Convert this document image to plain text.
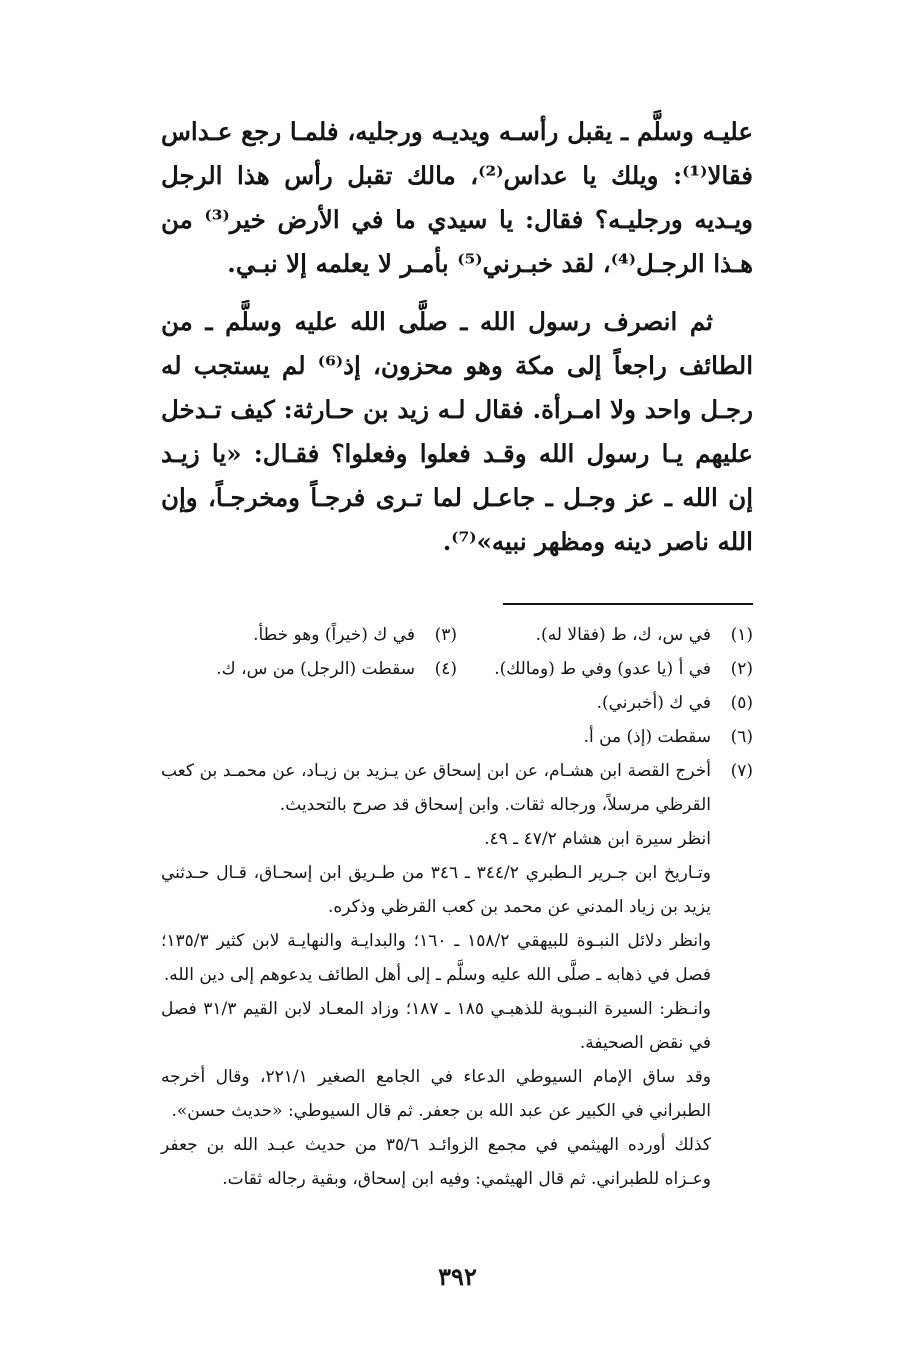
عليـه وسلَّم ـ يقبل رأسـه ويديـه ورجليه، فلمـا رجع عـداس فقالا⁽¹⁾: ويلك يا عداس⁽²⁾، مالك تقبل رأس هذا الرجل ويـديه ورجليـه؟ فقال: يا سيدي ما في الأرض خير⁽³⁾ من هـذا الرجـل⁽⁴⁾، لقد خبـرني⁽⁵⁾ بأمـر لا يعلمه إلا نبـي.

ثم انصرف رسول الله ـ صلَّى الله عليه وسلَّم ـ من الطائف راجعاً إلى مكة وهو محزون، إذ⁽⁶⁾ لم يستجب له رجـل واحد ولا امـرأة. فقال لـه زيد بن حـارثة: كيف تـدخل عليهم يـا رسول الله وقـد فعلوا وفعلوا؟ فقـال: «يا زيـد إن الله ـ عز وجـل ـ جاعـل لما تـرى فرجـاً ومخرجـاً، وإن الله ناصر دينه ومظهر نبيه»⁽⁷⁾.

(١)
في س، ك، ط (فقالا له).
(٣)
في ك (خيراً) وهو خطأ.
(٢)
في أ (يا عدو) وفي ط (ومالك).
(٤)
سقطت (الرجل) من س، ك.
(٥)
في ك (أخبرني).
(٦)
سقطت (إذ) من أ.
(٧)
أخرج القصة ابن هشـام، عن ابن إسحاق عن يـزيد بن زيـاد، عن محمـد بن كعب القرظي مرسلاً، ورجاله ثقات. وابن إسحاق قد صرح بالتحديث.
انظر سيرة ابن هشام ٤٧/٢ ـ ٤٩.
وتـاريخ ابن جـرير الـطبري ٣٤٤/٢ ـ ٣٤٦ من طـريق ابن إسحـاق، قـال حـدثني يزيد بن زياد المدني عن محمد بن كعب القرظي وذكره.
وانظر دلائل النبـوة للبيهقي ١٥٨/٢ ـ ١٦٠؛ والبدايـة والنهايـة لابن كثير ١٣٥/٣؛ فصل في ذهابه ـ صلَّى الله عليه وسلَّم ـ إلى أهل الطائف يدعوهم إلى دين الله.
وانـظر: السيرة النبـوية للذهبـي ١٨٥ ـ ١٨٧؛ وزاد المعـاد لابن القيم ٣١/٣ فصل في نقض الصحيفة.
وقد ساق الإمام السيوطي الدعاء في الجامع الصغير ٢٢١/١، وقال أخرجه الطبراني في الكبير عن عبد الله بن جعفر. ثم قال السيوطي: «حديث حسن».
كذلك أورده الهيثمي في مجمع الزوائـد ٣٥/٦ من حديث عبـد الله بن جعفر وعـزاه للطبراني. ثم قال الهيثمي: وفيه ابن إسحاق، وبقية رجاله ثقات.
٣٩٢
